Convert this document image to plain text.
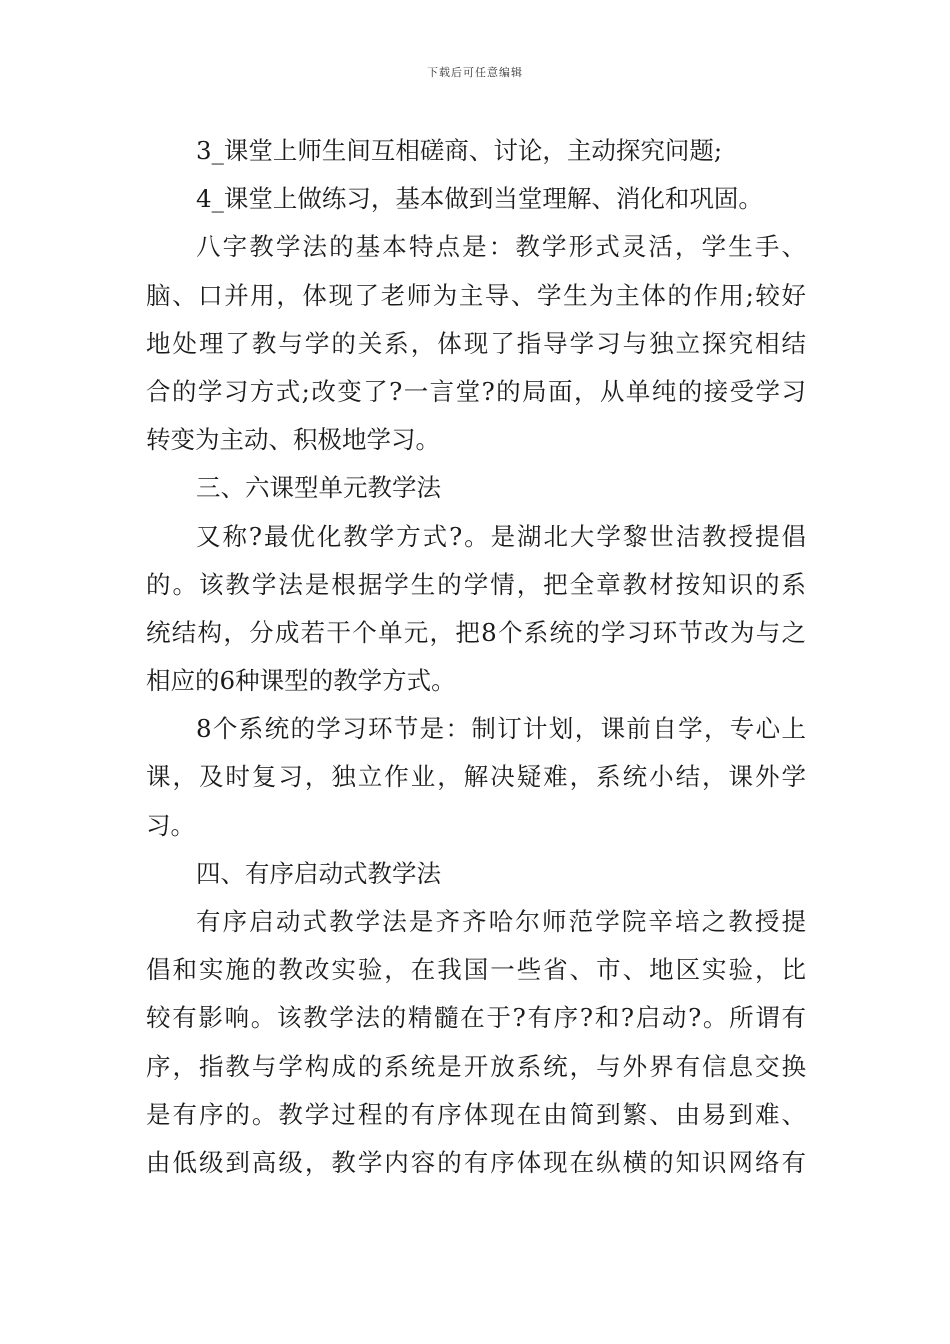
下载后可任意编辑
3_课堂上师生间互相磋商、讨论，主动探究问题;
4_课堂上做练习，基本做到当堂理解、消化和巩固。
八字教学法的基本特点是：教学形式灵活，学生手、
脑、口并用，体现了老师为主导、学生为主体的作用;较好
地处理了教与学的关系，体现了指导学习与独立探究相结
合的学习方式;改变了?一言堂?的局面，从单纯的接受学习
转变为主动、积极地学习。
三、六课型单元教学法
又称?最优化教学方式?。是湖北大学黎世洁教授提倡
的。该教学法是根据学生的学情，把全章教材按知识的系
统结构，分成若干个单元，把8个系统的学习环节改为与之
相应的6种课型的教学方式。
8个系统的学习环节是：制订计划，课前自学，专心上
课，及时复习，独立作业，解决疑难，系统小结，课外学
习。
四、有序启动式教学法
有序启动式教学法是齐齐哈尔师范学院辛培之教授提
倡和实施的教改实验，在我国一些省、市、地区实验，比
较有影响。该教学法的精髓在于?有序?和?启动?。所谓有
序，指教与学构成的系统是开放系统，与外界有信息交换
是有序的。教学过程的有序体现在由简到繁、由易到难、
由低级到高级，教学内容的有序体现在纵横的知识网络有
